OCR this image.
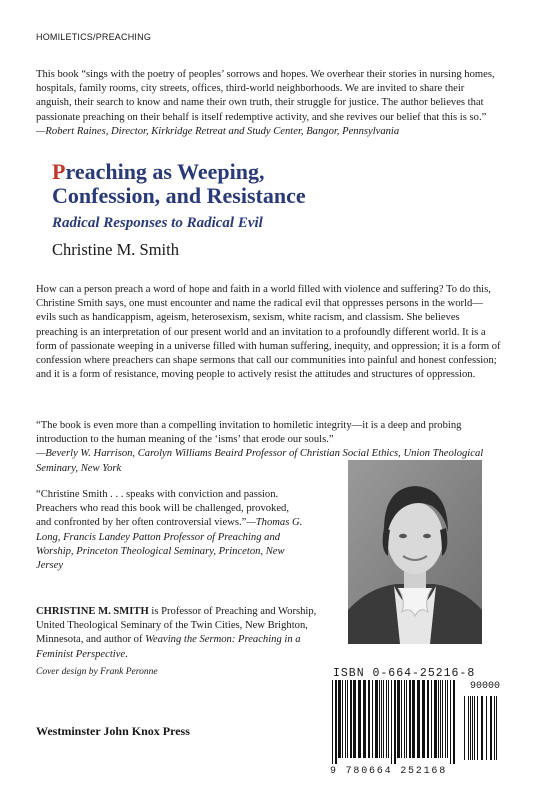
HOMILETICS/PREACHING
This book “sings with the poetry of peoples’ sorrows and hopes. We overhear their stories in nursing homes, hospitals, family rooms, city streets, offices, third-world neighborhoods. We are invited to share their anguish, their search to know and name their own truth, their struggle for justice. The author believes that passionate preaching on their behalf is itself redemptive activity, and she revives our belief that this is so.”
—Robert Raines, Director, Kirkridge Retreat and Study Center, Bangor, Pennsylvania
Preaching as Weeping,
Confession, and Resistance
Radical Responses to Radical Evil
Christine M. Smith
How can a person preach a word of hope and faith in a world filled with violence and suffering? To do this, Christine Smith says, one must encounter and name the radical evil that oppresses persons in the world—evils such as handicappism, ageism, heterosexism, sexism, white racism, and classism. She believes preaching is an interpretation of our present world and an invitation to a profoundly different world. It is a form of passionate weeping in a universe filled with human suffering, inequity, and oppression; it is a form of confession where preachers can shape sermons that call our communities into painful and honest confession; and it is a form of resistance, moving people to actively resist the attitudes and structures of oppression.
“The book is even more than a compelling invitation to homiletic integrity—it is a deep and probing introduction to the human meaning of the ‘isms’ that erode our souls.”
—Beverly W. Harrison, Carolyn Williams Beaird Professor of Christian Social Ethics, Union Theological Seminary, New York
“Christine Smith . . . speaks with conviction and passion. Preachers who read this book will be challenged, provoked, and confronted by her often controversial views.”—Thomas G. Long, Francis Landey Patton Professor of Preaching and Worship, Princeton Theological Seminary, Princeton, New Jersey
CHRISTINE M. SMITH is Professor of Preaching and Worship, United Theological Seminary of the Twin Cities, New Brighton, Minnesota, and author of Weaving the Sermon: Preaching in a Feminist Perspective.
Cover design by Frank Peronne
Westminster John Knox Press
ISBN 0-664-25216-8
90000
9 780664 252168
